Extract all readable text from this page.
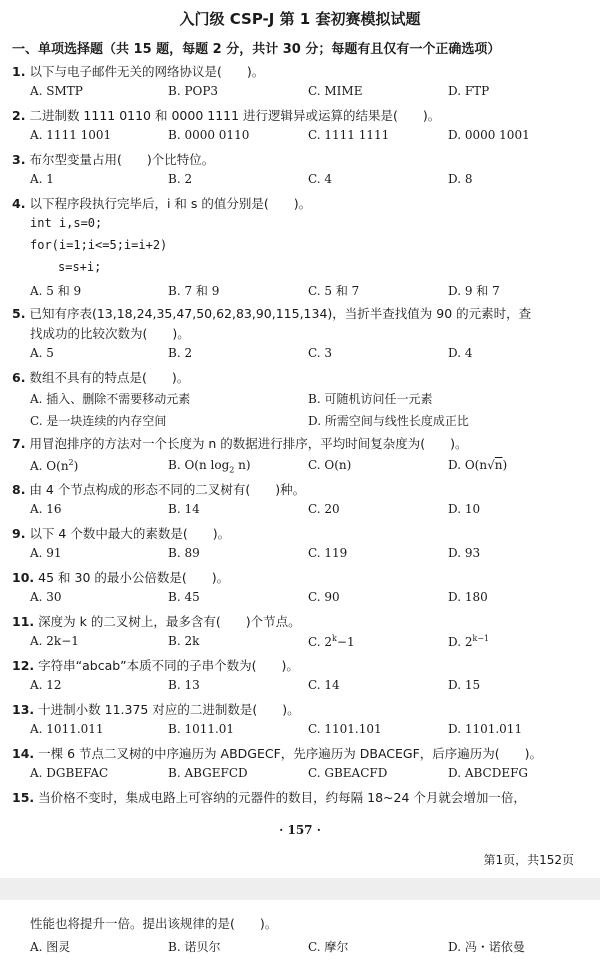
入门级 CSP-J 第 1 套初赛模拟试题
一、单项选择题（共 15 题，每题 2 分，共计 30 分；每题有且仅有一个正确选项）
1. 以下与电子邮件无关的网络协议是(　　)。
A. SMTP	B. POP3	C. MIME	D. FTP
2. 二进制数 1111 0110 和 0000 1111 进行逻辑异或运算的结果是(　　)。
A. 1111 1001	B. 0000 0110	C. 1111 1111	D. 0000 1001
3. 布尔型变量占用(　　)个比特位。
A. 1	B. 2	C. 4	D. 8
4. 以下程序段执行完毕后，i 和 s 的值分别是(　　)。
int i,s=0;
for(i=1;i<=5;i=i+2)
s=s+i;
A. 5 和 9	B. 7 和 9	C. 5 和 7	D. 9 和 7
5. 已知有序表(13,18,24,35,47,50,62,83,90,115,134)，当折半查找值为 90 的元素时，查
找成功的比较次数为(　　)。
A. 5	B. 2	C. 3	D. 4
6. 数组不具有的特点是(　　)。
A. 插入、删除不需要移动元素	B. 可随机访问任一元素
C. 是一块连续的内存空间	D. 所需空间与线性长度成正比
7. 用冒泡排序的方法对一个长度为 n 的数据进行排序，平均时间复杂度为(　　)。
A. $O(n^2)$	B. O(n $\log_2 n$)	C. O(n)	D. O(n√n)
8. 由 4 个节点构成的形态不同的二叉树有(　　)种。
A. 16	B. 14	C. 20	D. 10
9. 以下 4 个数中最大的素数是(　　)。
A. 91	B. 89	C. 119	D. 93
10. 45 和 30 的最小公倍数是(　　)。
A. 30	B. 45	C. 90	D. 180
11. 深度为 k 的二叉树上，最多含有(　　)个节点。
A. 2k−1	B. 2k	C. $2^k-1$	D. $2^{k-1}$
12. 字符串“abcab”本质不同的子串个数为(　　)。
A. 12	B. 13	C. 14	D. 15
13. 十进制小数 11.375 对应的二进制数是(　　)。
A. 1011.011	B. 1011.01	C. 1101.101	D. 1101.011
14. 一棵 6 节点二叉树的中序遍历为 ABDGECF，先序遍历为 DBACEGF，后序遍历为(　　)。
A. DGBEFAC	B. ABGEFCD	C. GBEACFD	D. ABCDEFG
15. 当价格不变时，集成电路上可容纳的元器件的数目，约每隔 18~24 个月就会增加一倍，
· 157 ·
第1页，共152页
性能也将提升一倍。提出该规律的是(　　)。
A. 图灵	B. 诺贝尔	C. 摩尔	D. 冯・诺依曼
